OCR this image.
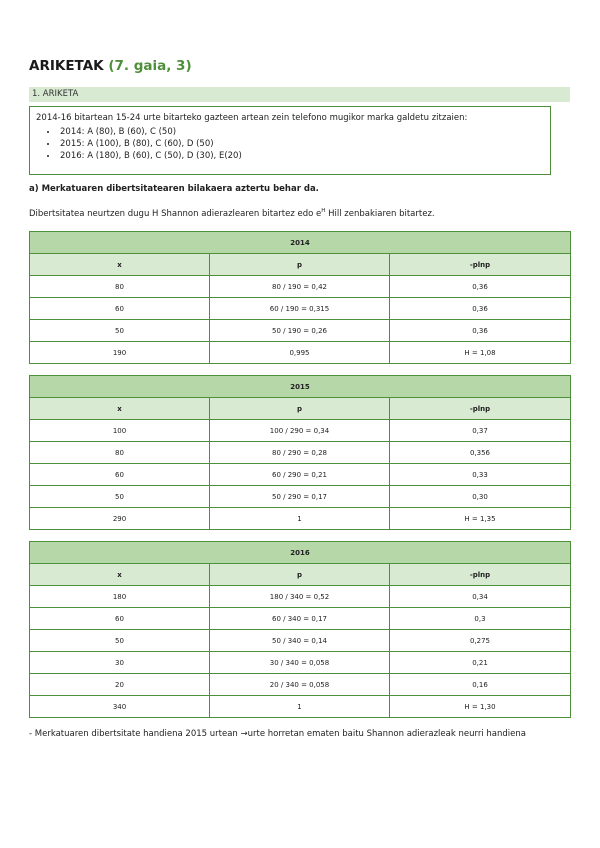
ARIKETAK (7. gaia, 3)
1. ARIKETA
2014-16 bitartean 15-24 urte bitarteko gazteen artean zein telefono mugikor marka galdetu zitzaien:
• 2014: A (80), B (60), C (50)
• 2015: A (100), B (80), C (60), D (50)
• 2016: A (180), B (60), C (50), D (30), E(20)
a) Merkatuaren dibertsitatearen bilakaera aztertu behar da.
Dibertsitatea neurtzen dugu H Shannon adierazlearen bitartez edo $e^H$ Hill zenbakiaren bitartez.
2014		
x	p	-plnp
80	80 / 190 = 0,42	0,36
60	60 / 190 = 0,315	0,36
50	50 / 190 = 0,26	0,36
190	0,995	H = 1,08
2015		
x	p	-plnp
100	100 / 290 = 0,34	0,37
80	80 / 290 = 0,28	0,356
60	60 / 290 = 0,21	0,33
50	50 / 290 = 0,17	0,30
290	1	H = 1,35
2016		
x	p	-plnp
180	180 / 340 = 0,52	0,34
60	60 / 340 = 0,17	0,3
50	50 / 340 = 0,14	0,275
30	30 / 340 = 0,058	0,21
20	20 / 340 = 0,058	0,16
340	1	H = 1,30
- Merkatuaren dibertsitate handiena 2015 urtean →urte horretan ematen baitu Shannon adierazleak neurri handiena
